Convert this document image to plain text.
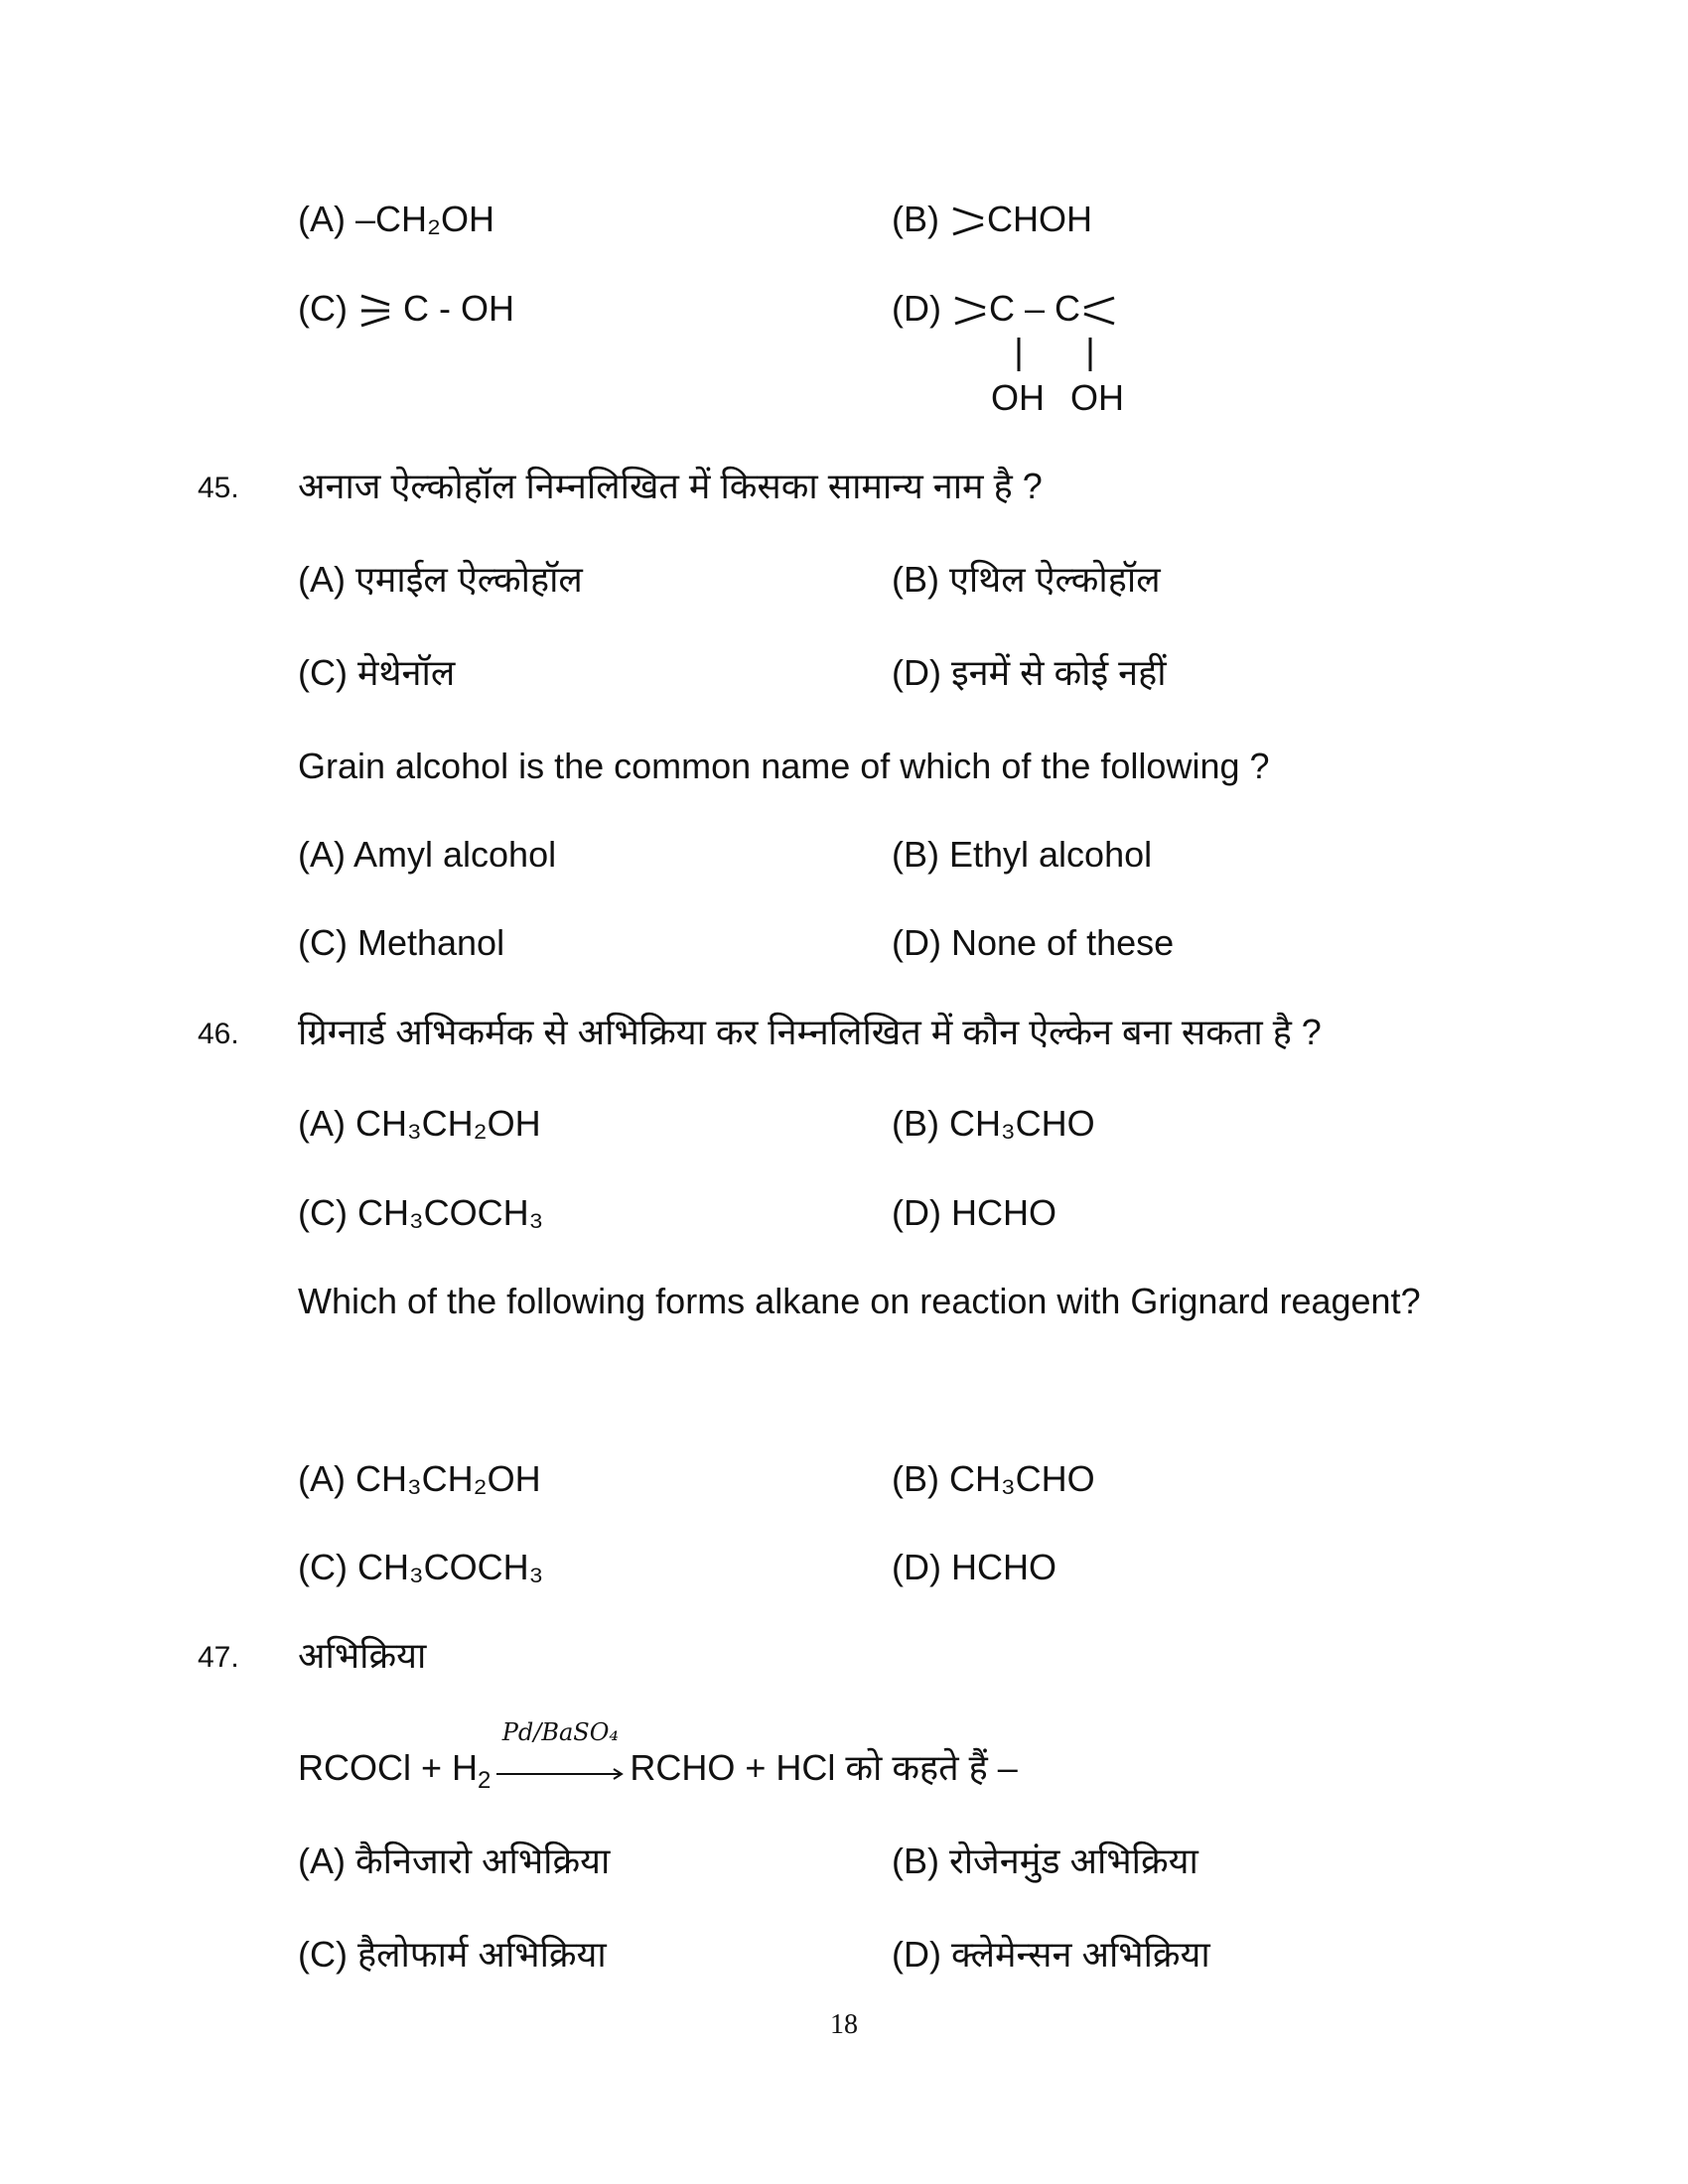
(A) –CH₂OH	(B) CHOH
(C) C - OH	(D) C – C
OH OH
45. अनाज ऐल्कोहॉल निम्नलिखित में किसका सामान्य नाम है ?
(A) एमाईल ऐल्कोहॉल	(B) एथिल ऐल्कोहॉल
(C) मेथेनॉल	(D) इनमें से कोई नहीं
Grain alcohol is the common name of which of the following ?
(A) Amyl alcohol	(B) Ethyl alcohol
(C) Methanol	(D) None of these
46. ग्रिग्नार्ड अभिकर्मक से अभिक्रिया कर निम्नलिखित में कौन ऐल्केन बना सकता है ?
(A) CH₃CH₂OH	(B) CH₃CHO
(C) CH₃COCH₃	(D) HCHO
Which of the following forms alkane on reaction with Grignard reagent?
(A) CH₃CH₂OH	(B) CH₃CHO
(C) CH₃COCH₃	(D) HCHO
47. अभिक्रिया
RCOCl + $H_2$
Pd/BaSO₄
RCHO + HCl को कहते हैं –
(A) कैनिजारो अभिक्रिया	(B) रोजेनमुंड अभिक्रिया
(C) हैलोफार्म अभिक्रिया	(D) क्लेमेन्सन अभिक्रिया
18
